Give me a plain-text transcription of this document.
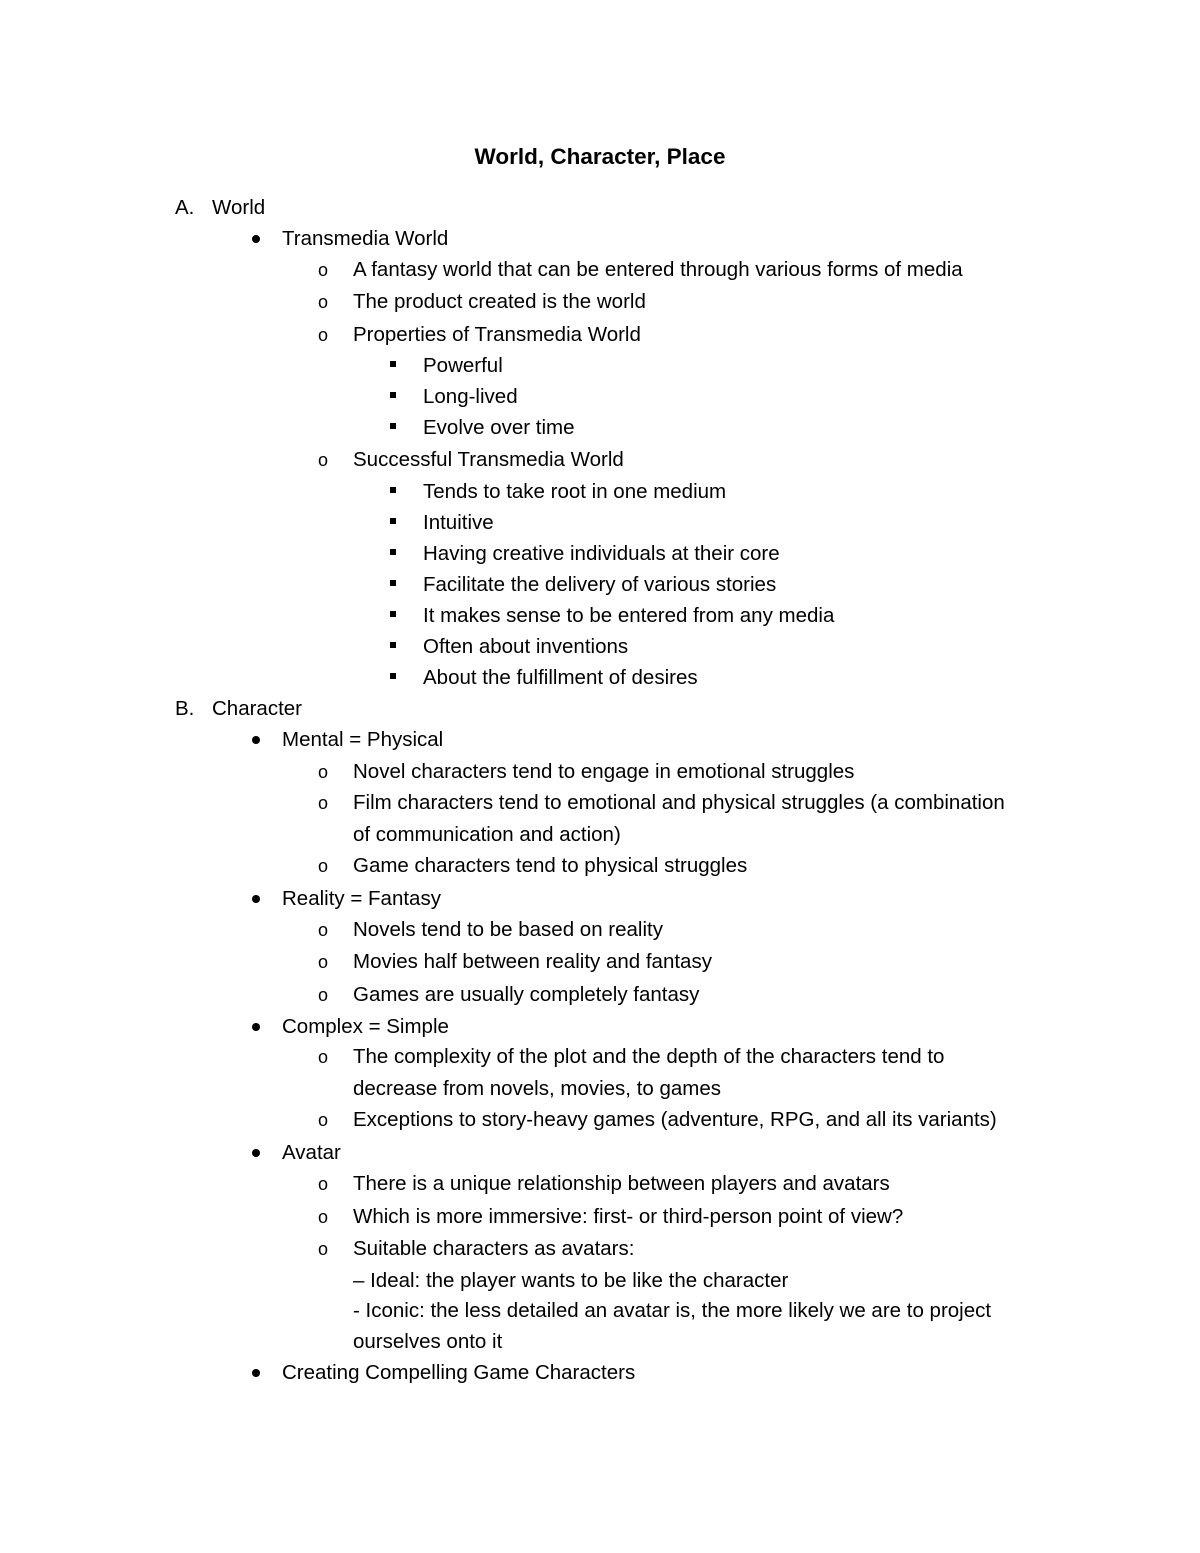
World, Character, Place
A. World
Transmedia World
o A fantasy world that can be entered through various forms of media
o The product created is the world
o Properties of Transmedia World
Powerful
Long-lived
Evolve over time
o Successful Transmedia World
Tends to take root in one medium
Intuitive
Having creative individuals at their core
Facilitate the delivery of various stories
It makes sense to be entered from any media
Often about inventions
About the fulfillment of desires
B. Character
Mental = Physical
o Novel characters tend to engage in emotional struggles
o Film characters tend to emotional and physical struggles (a combination
of communication and action)
o Game characters tend to physical struggles
Reality = Fantasy
o Novels tend to be based on reality
o Movies half between reality and fantasy
o Games are usually completely fantasy
Complex = Simple
o The complexity of the plot and the depth of the characters tend to
decrease from novels, movies, to games
o Exceptions to story-heavy games (adventure, RPG, and all its variants)
Avatar
o There is a unique relationship between players and avatars
o Which is more immersive: first- or third-person point of view?
o Suitable characters as avatars:
– Ideal: the player wants to be like the character
- Iconic: the less detailed an avatar is, the more likely we are to project
ourselves onto it
Creating Compelling Game Characters
